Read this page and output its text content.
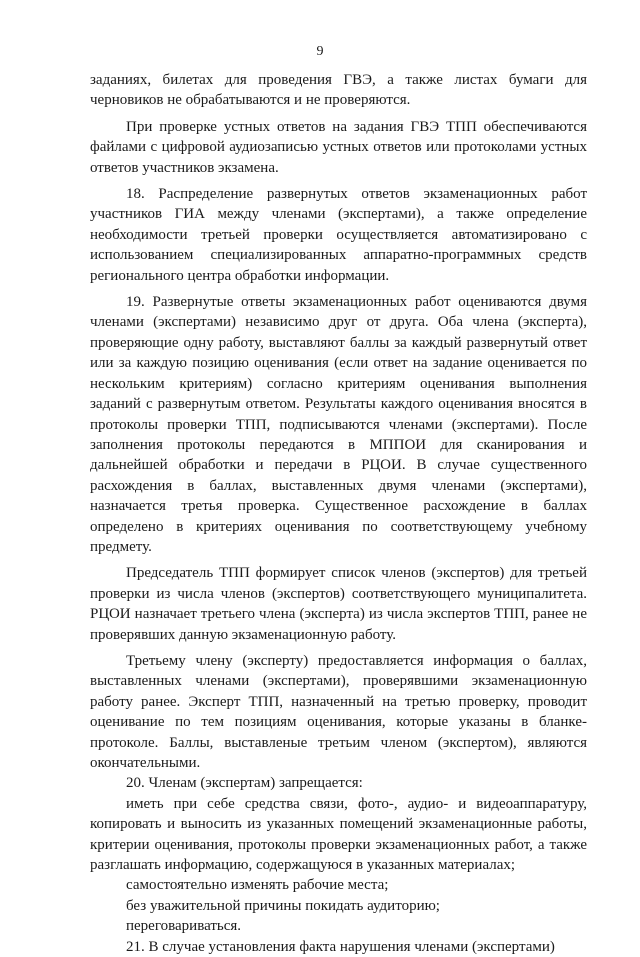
9

заданиях, билетах для проведения ГВЭ, а также листах бумаги для черновиков не обрабатываются и не проверяются.

При проверке устных ответов на задания ГВЭ ТПП обеспечиваются файлами с цифровой аудиозаписью устных ответов или протоколами устных ответов участников экзамена.

18. Распределение развернутых ответов экзаменационных работ участников ГИА между членами (экспертами), а также определение необходимости третьей проверки осуществляется автоматизировано с использованием специализированных аппаратно-программных средств регионального центра обработки информации.

19. Развернутые ответы экзаменационных работ оцениваются двумя членами (экспертами) независимо друг от друга. Оба члена (эксперта), проверяющие одну работу, выставляют баллы за каждый развернутый ответ или за каждую позицию оценивания (если ответ на задание оценивается по нескольким критериям) согласно критериям оценивания выполнения заданий с развернутым ответом. Результаты каждого оценивания вносятся в протоколы проверки ТПП, подписываются членами (экспертами). После заполнения протоколы передаются в МППОИ для сканирования и дальнейшей обработки и передачи в РЦОИ. В случае существенного расхождения в баллах, выставленных двумя членами (экспертами), назначается третья проверка. Существенное расхождение в баллах определено в критериях оценивания по соответствующему учебному предмету.

Председатель ТПП формирует список членов (экспертов) для третьей проверки из числа членов (экспертов) соответствующего муниципалитета. РЦОИ назначает третьего члена (эксперта) из числа экспертов ТПП, ранее не проверявших данную экзаменационную работу.

Третьему члену (эксперту) предоставляется информация о баллах, выставленных членами (экспертами), проверявшими экзаменационную работу ранее. Эксперт ТПП, назначенный на третью проверку, проводит оценивание по тем позициям оценивания, которые указаны в бланке-протоколе. Баллы, выставленые третьим членом (экспертом), являются окончательными.

20. Членам (экспертам) запрещается:

иметь при себе средства связи, фото-, аудио- и видеоаппаратуру, копировать и выносить из указанных помещений экзаменационные работы, критерии оценивания, протоколы проверки экзаменационных работ, а также разглашать информацию, содержащуюся в указанных материалах;

самостоятельно изменять рабочие места;

без уважительной причины покидать аудиторию;

переговариваться.

21. В случае установления факта нарушения членами (экспертами)
